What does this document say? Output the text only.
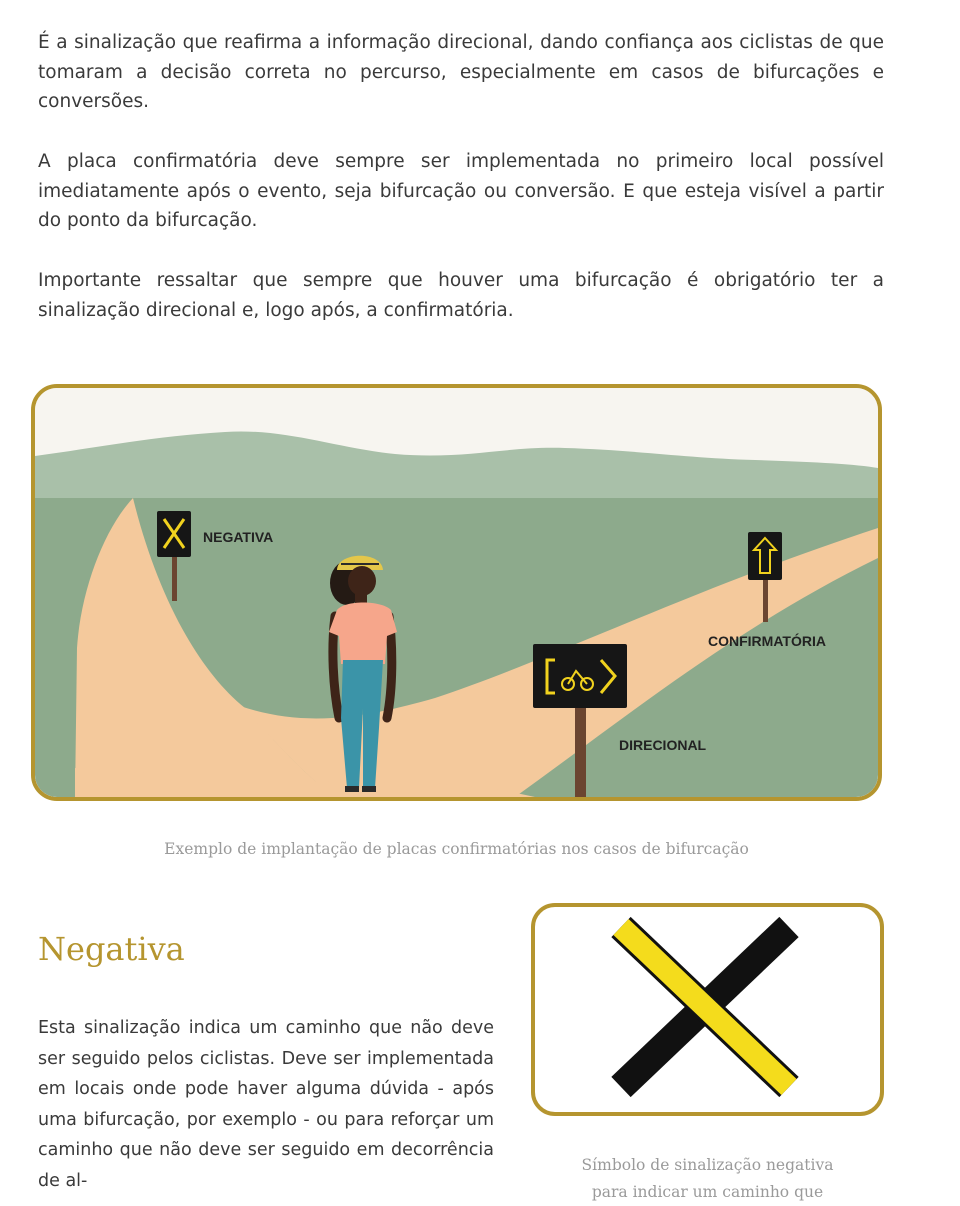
É a sinalização que reafirma a informação direcional, dando confiança aos ciclistas de que tomaram a decisão correta no percurso, especialmente em casos de bifurcações e conversões.

A placa confirmatória deve sempre ser implementada no primeiro local possível imediatamente após o evento, seja bifurcação ou conversão. E que esteja visível a partir do ponto da bifurcação.

Importante ressaltar que sempre que houver uma bifurcação é obrigatório ter a sinalização direcional e, logo após, a confirmatória.

NEGATIVA
CONFIRMATÓRIA
DIRECIONAL

Exemplo de implantação de placas confirmatórias nos casos de bifurcação

Negativa

Esta sinalização indica um caminho que não deve ser seguido pelos ciclistas. Deve ser implementada em locais onde pode haver alguma dúvida - após uma bifurcação, por exemplo - ou para reforçar um caminho que não deve ser seguido em decorrência de al-

Símbolo de sinalização negativa
para indicar um caminho que
